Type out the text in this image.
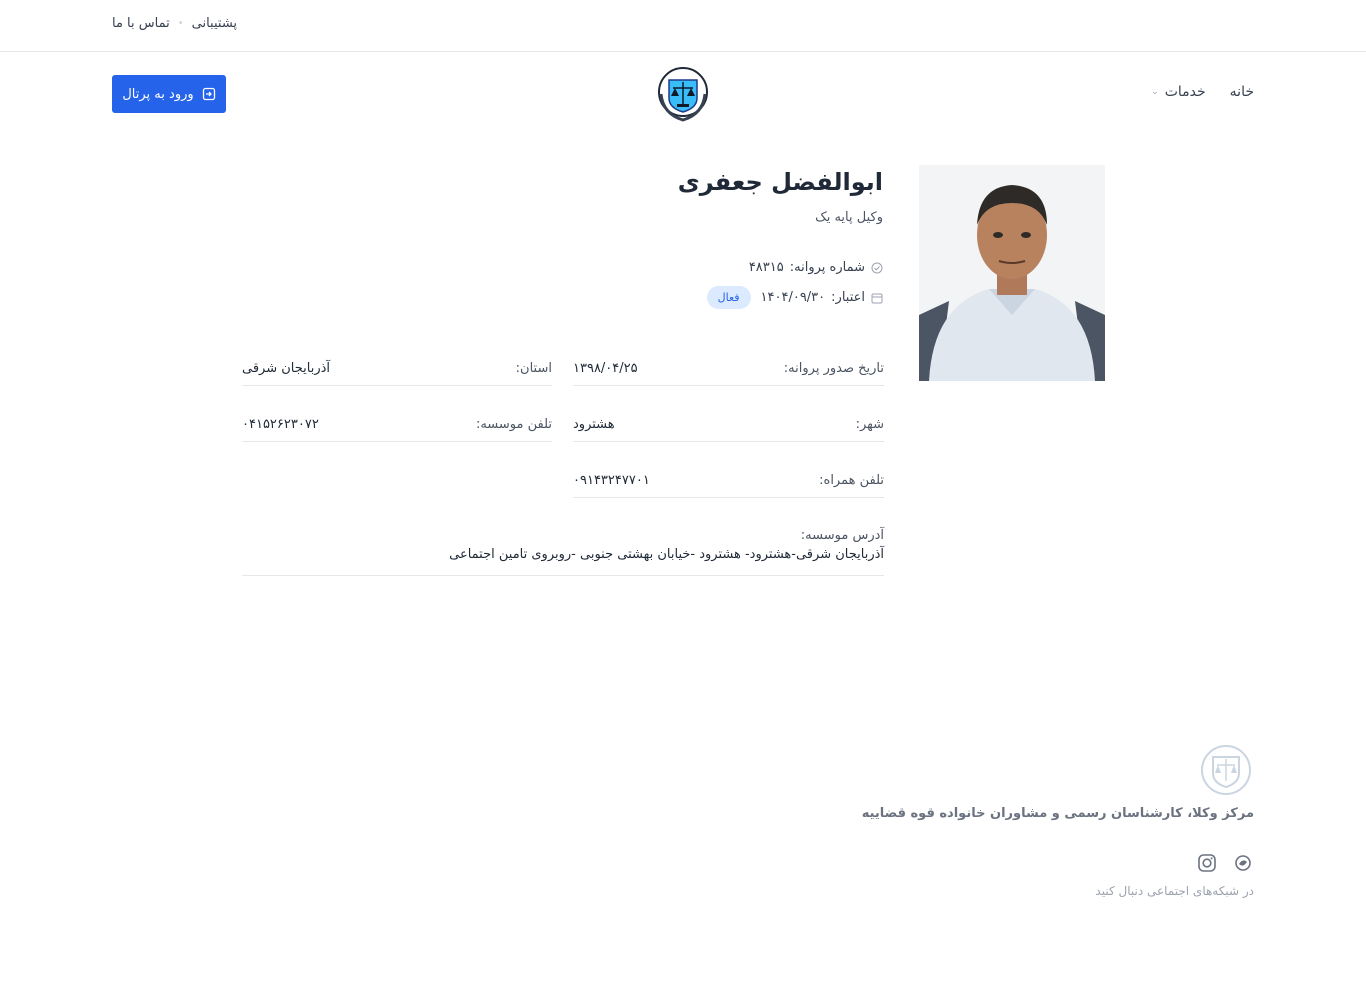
پشتیبانی
•
تماس با ما
خانه
خدمات
⌄
ورود به پرتال
ابوالفضل جعفری
وکیل پایه یک
شماره پروانه:
۴۸۳۱۵
اعتبار:
۱۴۰۴/۰۹/۳۰
فعال
تاریخ صدور پروانه:
۱۳۹۸/۰۴/۲۵
استان:
آذربایجان شرقی
شهر:
هشترود
تلفن موسسه:
۰۴۱۵۲۶۲۳۰۷۲
تلفن همراه:
۰۹۱۴۳۲۴۷۷۰۱
آدرس موسسه:
آذربایجان شرقی-هشترود- هشترود -خیابان بهشتی جنوبی -روبروی تامین اجتماعی
مرکز وکلا، کارشناسان رسمی و مشاوران خانواده قوه قضاییه
در شبکه‌های اجتماعی دنبال کنید
